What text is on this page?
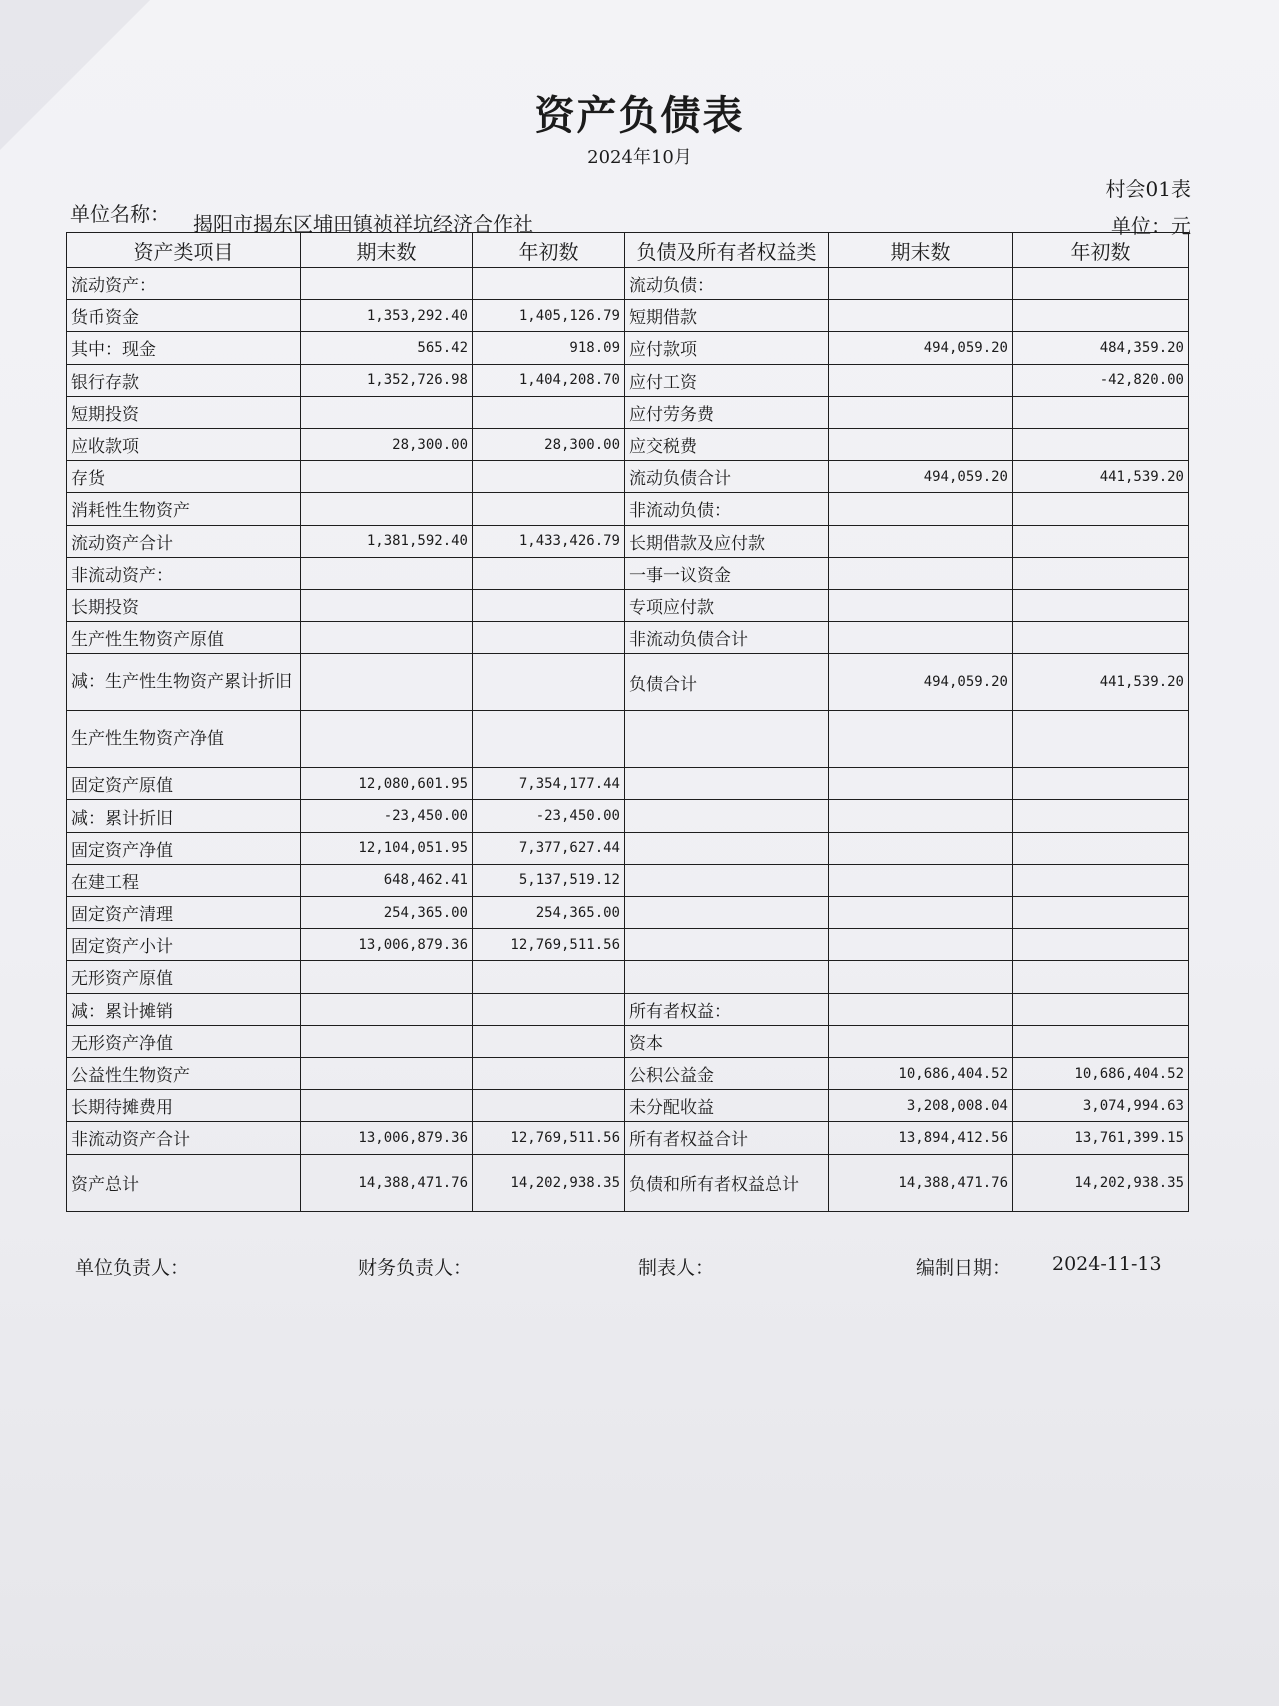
资产负债表
2024年10月
村会01表
单位名称： 揭阳市揭东区埔田镇祯祥坑经济合作社	单位：元
资产类项目	期末数	年初数	负债及所有者权益类	期末数	年初数
流动资产：			流动负债：		
货币资金	1,353,292.40	1,405,126.79	短期借款		
其中：现金	565.42	918.09	应付款项	494,059.20	484,359.20
银行存款	1,352,726.98	1,404,208.70	应付工资		-42,820.00
短期投资			应付劳务费		
应收款项	28,300.00	28,300.00	应交税费		
存货			流动负债合计	494,059.20	441,539.20
消耗性生物资产			非流动负债：		
流动资产合计	1,381,592.40	1,433,426.79	长期借款及应付款		
非流动资产：			一事一议资金		
长期投资			专项应付款		
生产性生物资产原值			非流动负债合计		
减：生产性生物资产累计折旧			负债合计	494,059.20	441,539.20
生产性生物资产净值					
固定资产原值	12,080,601.95	7,354,177.44			
减：累计折旧	-23,450.00	-23,450.00			
固定资产净值	12,104,051.95	7,377,627.44			
在建工程	648,462.41	5,137,519.12			
固定资产清理	254,365.00	254,365.00			
固定资产小计	13,006,879.36	12,769,511.56			
无形资产原值					
减：累计摊销			所有者权益：		
无形资产净值			资本		
公益性生物资产			公积公益金	10,686,404.52	10,686,404.52
长期待摊费用			未分配收益	3,208,008.04	3,074,994.63
非流动资产合计	13,006,879.36	12,769,511.56	所有者权益合计	13,894,412.56	13,761,399.15
资产总计	14,388,471.76	14,202,938.35	负债和所有者权益总计	14,388,471.76	14,202,938.35
单位负责人：	财务负责人：	制表人：	编制日期： 2024-11-13
